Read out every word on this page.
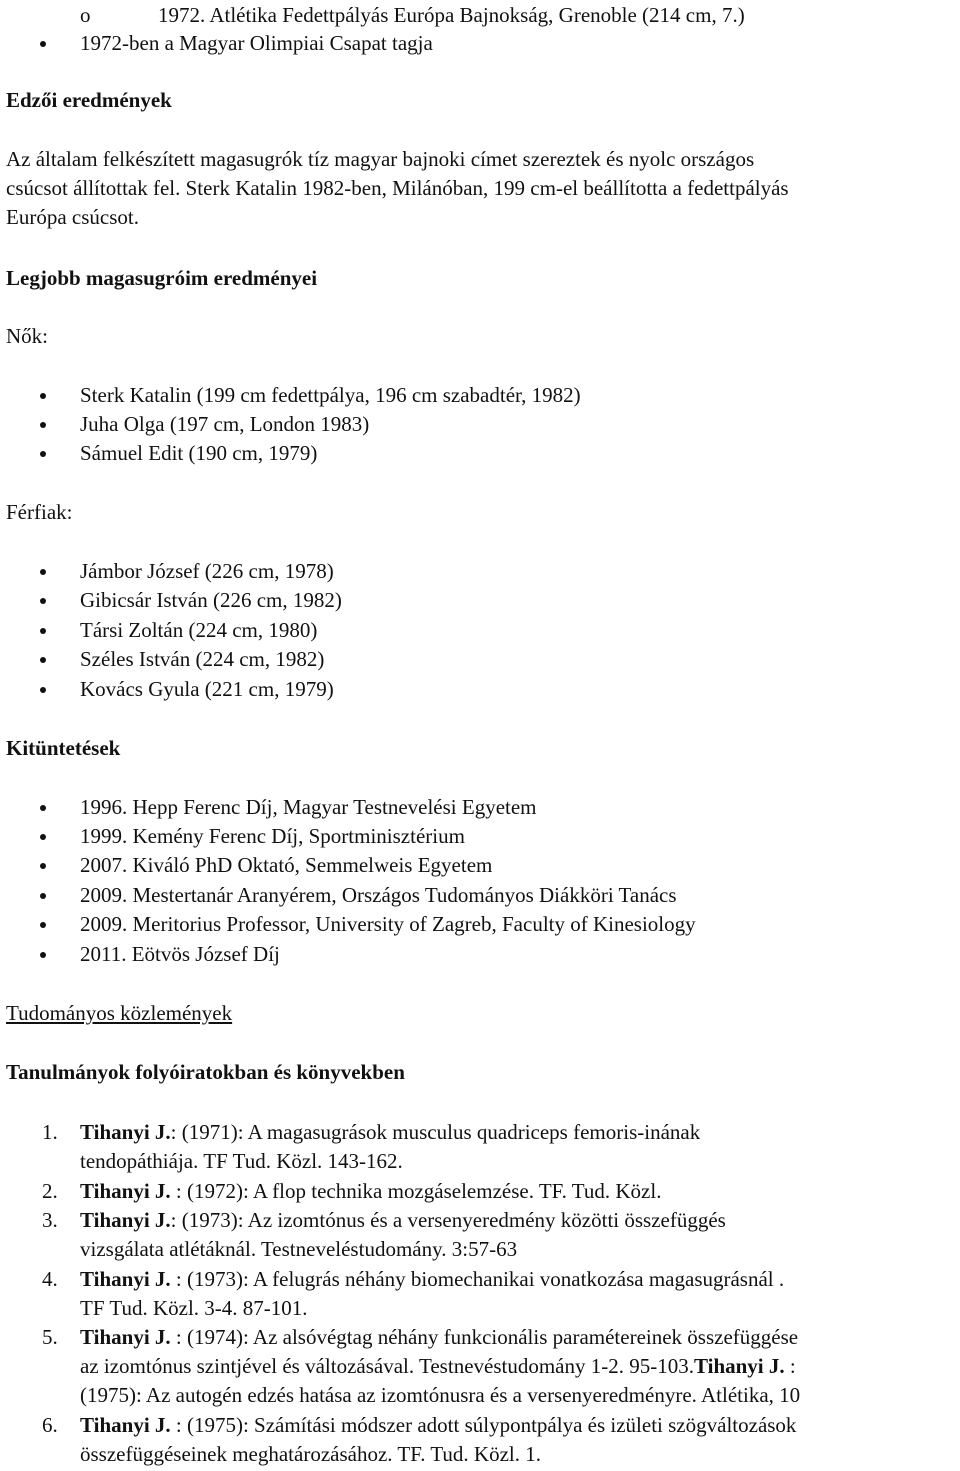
o	1972. Atlétika Fedettpályás Európa Bajnokság, Grenoble (214 cm, 7.)
1972-ben a Magyar Olimpiai Csapat tagja
Edzői eredmények
Az általam felkészített magasugrók tíz magyar bajnoki címet szereztek és nyolc országos
csúcsot állítottak fel. Sterk Katalin 1982-ben, Milánóban, 199 cm-el beállította a fedettpályás
Európa csúcsot.
Legjobb magasugróim eredményei
Nők:
Sterk Katalin (199 cm fedettpálya, 196 cm szabadtér, 1982)
Juha Olga (197 cm, London 1983)
Sámuel Edit (190 cm, 1979)
Férfiak:
Jámbor József (226 cm, 1978)
Gibicsár István (226 cm, 1982)
Társi Zoltán (224 cm, 1980)
Széles István (224 cm, 1982)
Kovács Gyula (221 cm, 1979)
Kitüntetések
1996. Hepp Ferenc Díj, Magyar Testnevelési Egyetem
1999. Kemény Ferenc Díj, Sportminisztérium
2007. Kiváló PhD Oktató, Semmelweis Egyetem
2009. Mestertanár Aranyérem, Országos Tudományos Diákköri Tanács
2009. Meritorius Professor, University of Zagreb, Faculty of Kinesiology
2011. Eötvös József Díj
Tudományos közlemények
Tanulmányok folyóiratokban és könyvekben
1. Tihanyi J.: (1971): A magasugrások musculus quadriceps femoris-inának
tendopáthiája. TF Tud. Közl. 143-162.
2. Tihanyi J. : (1972): A flop technika mozgáselemzése. TF. Tud. Közl.
3. Tihanyi J.: (1973): Az izomtónus és a versenyeredmény közötti összefüggés
vizsgálata atlétáknál. Testneveléstudomány. 3:57-63
4. Tihanyi J. : (1973): A felugrás néhány biomechanikai vonatkozása magasugrásnál .
TF Tud. Közl. 3-4. 87-101.
5. Tihanyi J. : (1974): Az alsóvégtag néhány funkcionális paramétereinek összefüggése
az izomtónus szintjével és változásával. Testnevéstudomány 1-2. 95-103.Tihanyi J. :
(1975): Az autogén edzés hatása az izomtónusra és a versenyeredményre. Atlétika, 10
6. Tihanyi J. : (1975): Számítási módszer adott súlypontpálya és izületi szögváltozások
összefüggéseinek meghatározásához. TF. Tud. Közl. 1.
